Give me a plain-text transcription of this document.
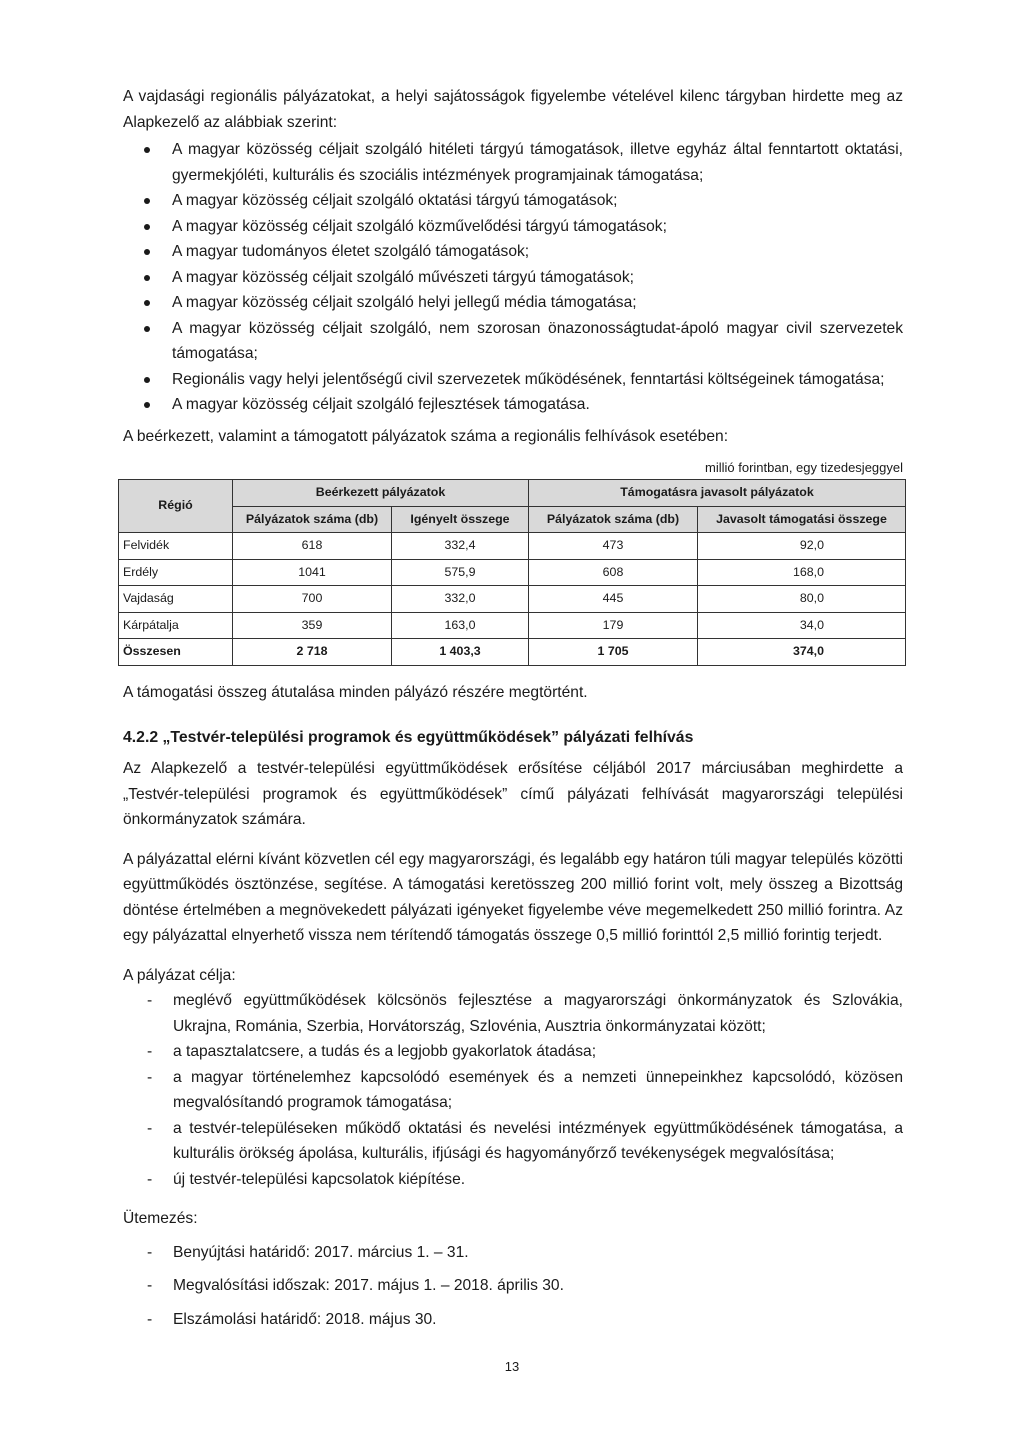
A vajdasági regionális pályázatokat, a helyi sajátosságok figyelembe vételével kilenc tárgyban hirdette meg az Alapkezelő az alábbiak szerint:

A magyar közösség céljait szolgáló hitéleti tárgyú támogatások, illetve egyház által fenntartott oktatási, gyermekjóléti, kulturális és szociális intézmények programjainak támogatása;
A magyar közösség céljait szolgáló oktatási tárgyú támogatások;
A magyar közösség céljait szolgáló közművelődési tárgyú támogatások;
A magyar tudományos életet szolgáló támogatások;
A magyar közösség céljait szolgáló művészeti tárgyú támogatások;
A magyar közösség céljait szolgáló helyi jellegű média támogatása;
A magyar közösség céljait szolgáló, nem szorosan önazonosságtudat-ápoló magyar civil szervezetek támogatása;
Regionális vagy helyi jelentőségű civil szervezetek működésének, fenntartási költségeinek támogatása;
A magyar közösség céljait szolgáló fejlesztések támogatása.

A beérkezett, valamint a támogatott pályázatok száma a regionális felhívások esetében:

millió forintban, egy tizedesjeggyel
Régió	Beérkezett pályázatok		Támogatásra javasolt pályázatok	
	Pályázatok száma (db)	Igényelt összege	Pályázatok száma (db)	Javasolt támogatási összege
Felvidék	618	332,4	473	92,0
Erdély	1041	575,9	608	168,0
Vajdaság	700	332,0	445	80,0
Kárpátalja	359	163,0	179	34,0
Összesen	2 718	1 403,3	1 705	374,0

A támogatási összeg átutalása minden pályázó részére megtörtént.

4.2.2 „Testvér-települési programok és együttműködések” pályázati felhívás

Az Alapkezelő a testvér-települési együttműködések erősítése céljából 2017 márciusában meghirdette a „Testvér-települési programok és együttműködések” című pályázati felhívását magyarországi települési önkormányzatok számára.

A pályázattal elérni kívánt közvetlen cél egy magyarországi, és legalább egy határon túli magyar település közötti együttműködés ösztönzése, segítése. A támogatási keretösszeg 200 millió forint volt, mely összeg a Bizottság döntése értelmében a megnövekedett pályázati igényeket figyelembe véve megemelkedett 250 millió forintra. Az egy pályázattal elnyerhető vissza nem térítendő támogatás összege 0,5 millió forinttól 2,5 millió forintig terjedt.

A pályázat célja:

- meglévő együttműködések kölcsönös fejlesztése a magyarországi önkormányzatok és Szlovákia, Ukrajna, Románia, Szerbia, Horvátország, Szlovénia, Ausztria önkormányzatai között;
- a tapasztalatcsere, a tudás és a legjobb gyakorlatok átadása;
- a magyar történelemhez kapcsolódó események és a nemzeti ünnepeinkhez kapcsolódó, közösen megvalósítandó programok támogatása;
- a testvér-településeken működő oktatási és nevelési intézmények együttműködésének támogatása, a kulturális örökség ápolása, kulturális, ifjúsági és hagyományőrző tevékenységek megvalósítása;
- új testvér-települési kapcsolatok kiépítése.

Ütemezés:

- Benyújtási határidő: 2017. március 1. – 31.
- Megvalósítási időszak: 2017. május 1. – 2018. április 30.
- Elszámolási határidő: 2018. május 30.
13
